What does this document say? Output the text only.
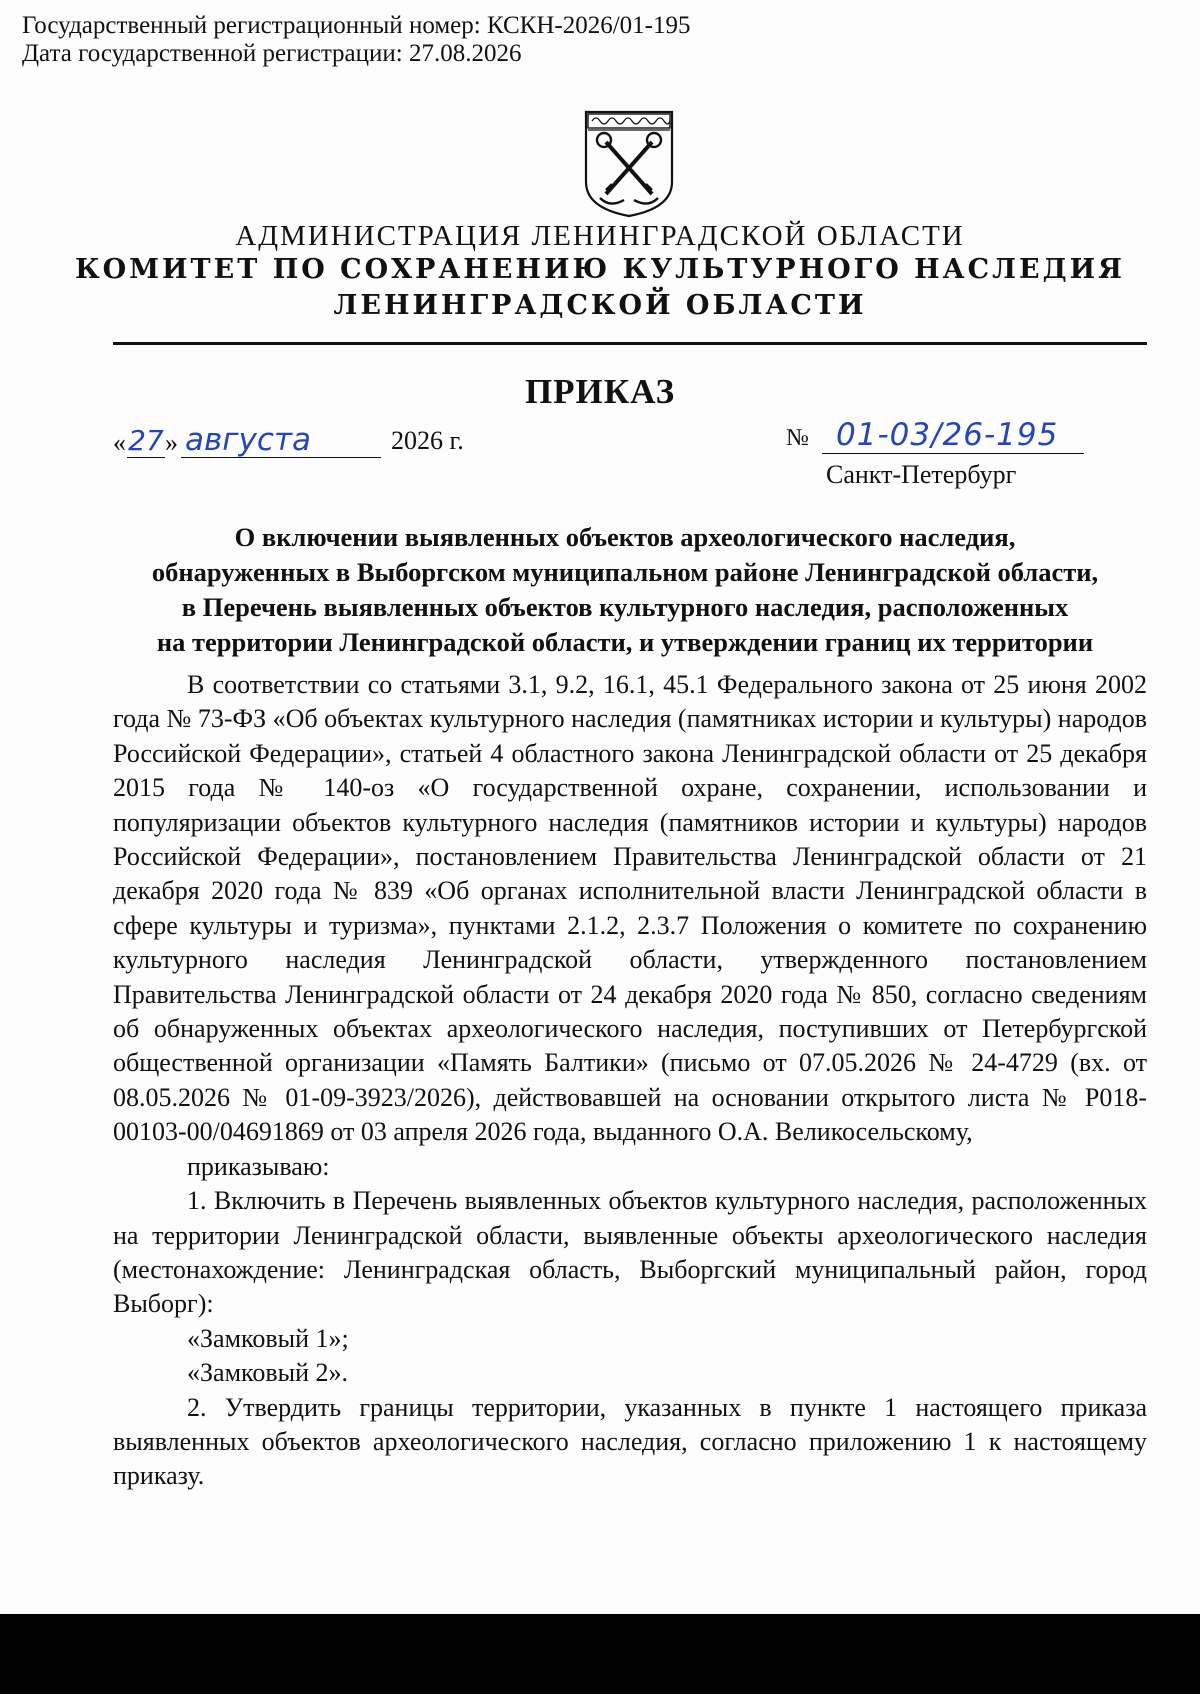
Государственный регистрационный номер: КСКН-2026/01-195
Дата государственной регистрации: 27.08.2026
АДМИНИСТРАЦИЯ ЛЕНИНГРАДСКОЙ ОБЛАСТИ
КОМИТЕТ ПО СОХРАНЕНИЮ КУЛЬТУРНОГО НАСЛЕДИЯ
ЛЕНИНГРАДСКОЙ ОБЛАСТИ
ПРИКАЗ
« 27 » августа	2026 г.	№ 01-03/26-195
Санкт-Петербург
О включении выявленных объектов археологического наследия,
обнаруженных в Выборгском муниципальном районе Ленинградской области,
в Перечень выявленных объектов культурного наследия, расположенных
на территории Ленинградской области, и утверждении границ их территории

В соответствии со статьями 3.1, 9.2, 16.1, 45.1 Федерального закона от 25 июня 2002 года № 73-ФЗ «Об объектах культурного наследия (памятниках истории и культуры) народов Российской Федерации», статьей 4 областного закона Ленинградской области от 25 декабря 2015 года № 140-оз «О государственной охране, сохранении, использовании и популяризации объектов культурного наследия (памятников истории и культуры) народов Российской Федерации», постановлением Правительства Ленинградской области от 21 декабря 2020 года № 839 «Об органах исполнительной власти Ленинградской области в сфере культуры и туризма», пунктами 2.1.2, 2.3.7 Положения о комитете по сохранению культурного наследия Ленинградской области, утвержденного постановлением Правительства Ленинградской области от 24 декабря 2020 года № 850, согласно сведениям об обнаруженных объектах археологического наследия, поступивших от Петербургской общественной организации «Память Балтики» (письмо от 07.05.2026 № 24-4729 (вх. от 08.05.2026 № 01-09-3923/2026), действовавшей на основании открытого листа № Р018-00103-00/04691869 от 03 апреля 2026 года, выданного О.А. Великосельскому,

приказываю:

1. Включить в Перечень выявленных объектов культурного наследия, расположенных на территории Ленинградской области, выявленные объекты археологического наследия (местонахождение: Ленинградская область, Выборгский муниципальный район, город Выборг):

«Замковый 1»;

«Замковый 2».

2. Утвердить границы территории, указанных в пункте 1 настоящего приказа выявленных объектов археологического наследия, согласно приложению 1 к настоящему приказу.
